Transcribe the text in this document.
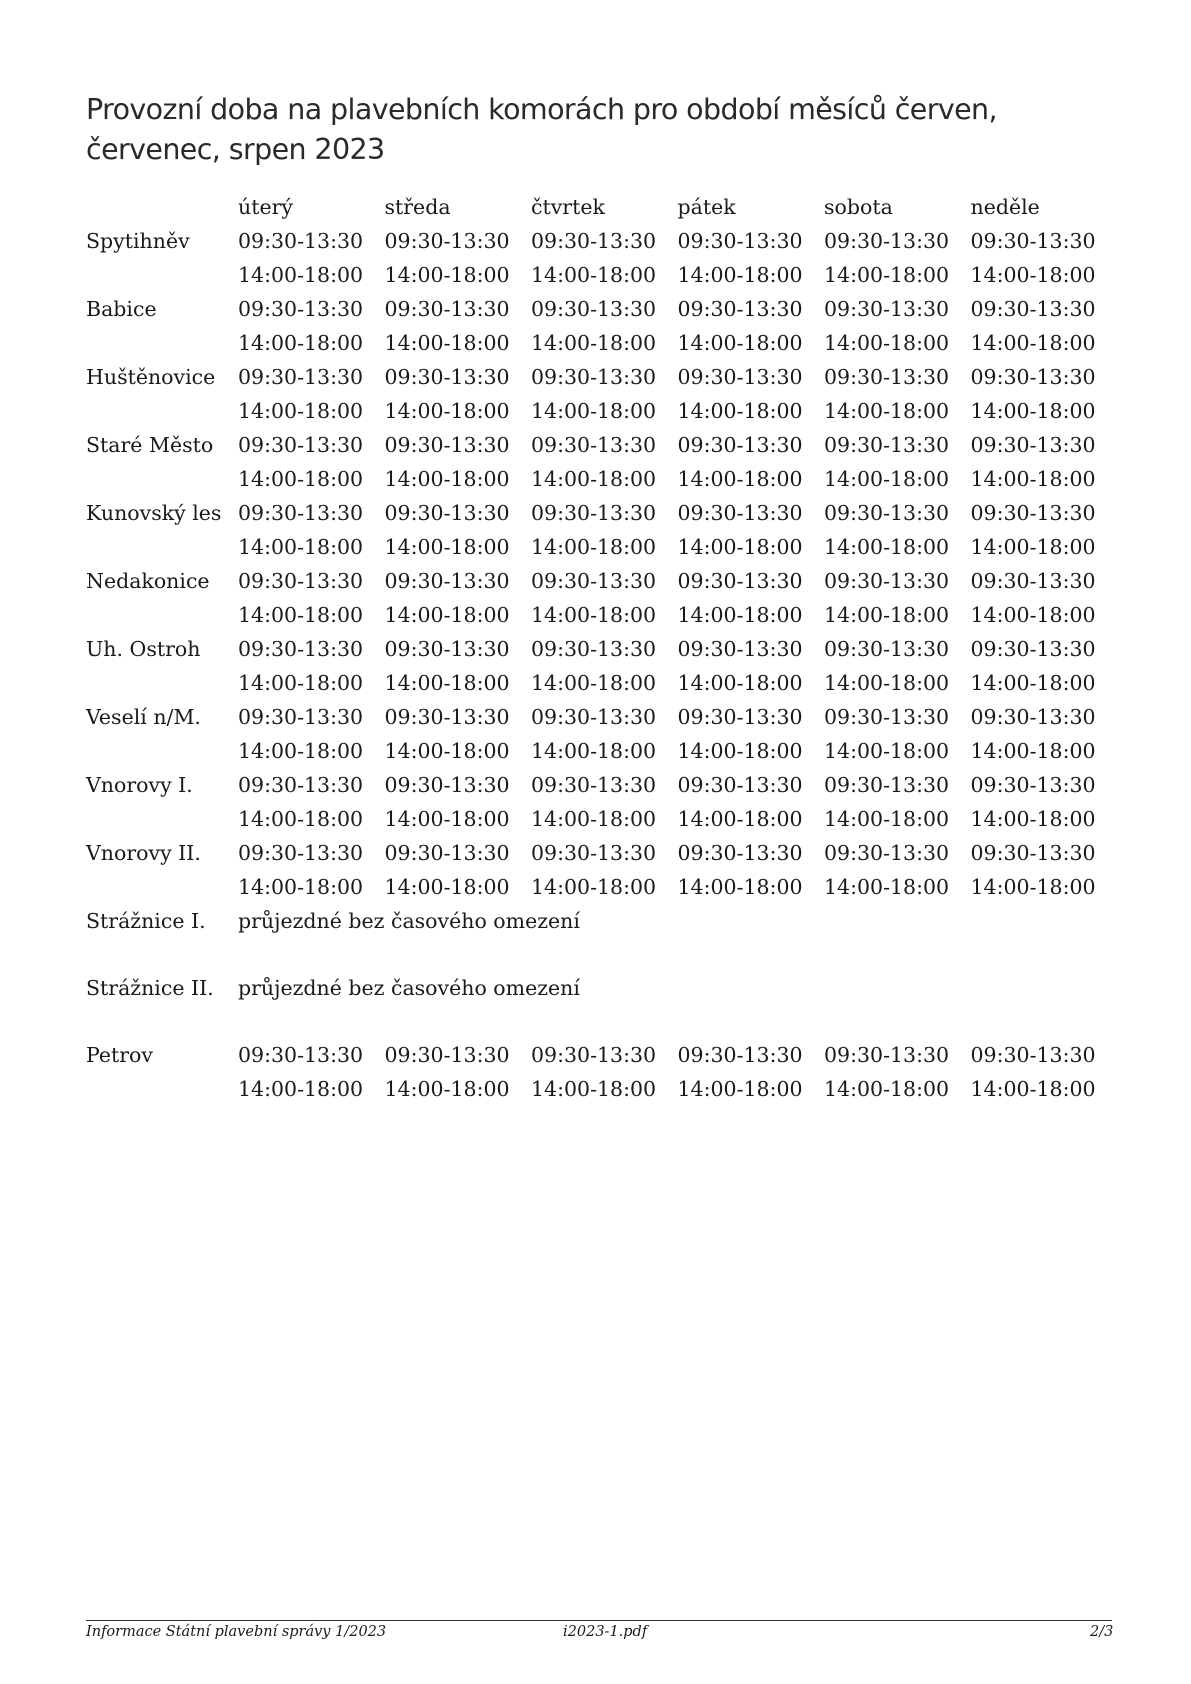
Provozní doba na plavebních komorách pro období měsíců červen, červenec, srpen 2023
	úterý	středa	čtvrtek	pátek	sobota	neděle
Spytihněv	09:30-13:30	09:30-13:30	09:30-13:30	09:30-13:30	09:30-13:30	09:30-13:30
	14:00-18:00	14:00-18:00	14:00-18:00	14:00-18:00	14:00-18:00	14:00-18:00
Babice	09:30-13:30	09:30-13:30	09:30-13:30	09:30-13:30	09:30-13:30	09:30-13:30
	14:00-18:00	14:00-18:00	14:00-18:00	14:00-18:00	14:00-18:00	14:00-18:00
Huštěnovice	09:30-13:30	09:30-13:30	09:30-13:30	09:30-13:30	09:30-13:30	09:30-13:30
	14:00-18:00	14:00-18:00	14:00-18:00	14:00-18:00	14:00-18:00	14:00-18:00
Staré Město	09:30-13:30	09:30-13:30	09:30-13:30	09:30-13:30	09:30-13:30	09:30-13:30
	14:00-18:00	14:00-18:00	14:00-18:00	14:00-18:00	14:00-18:00	14:00-18:00
Kunovský les	09:30-13:30	09:30-13:30	09:30-13:30	09:30-13:30	09:30-13:30	09:30-13:30
	14:00-18:00	14:00-18:00	14:00-18:00	14:00-18:00	14:00-18:00	14:00-18:00
Nedakonice	09:30-13:30	09:30-13:30	09:30-13:30	09:30-13:30	09:30-13:30	09:30-13:30
	14:00-18:00	14:00-18:00	14:00-18:00	14:00-18:00	14:00-18:00	14:00-18:00
Uh. Ostroh	09:30-13:30	09:30-13:30	09:30-13:30	09:30-13:30	09:30-13:30	09:30-13:30
	14:00-18:00	14:00-18:00	14:00-18:00	14:00-18:00	14:00-18:00	14:00-18:00
Veselí n/M.	09:30-13:30	09:30-13:30	09:30-13:30	09:30-13:30	09:30-13:30	09:30-13:30
	14:00-18:00	14:00-18:00	14:00-18:00	14:00-18:00	14:00-18:00	14:00-18:00
Vnorovy I.	09:30-13:30	09:30-13:30	09:30-13:30	09:30-13:30	09:30-13:30	09:30-13:30
	14:00-18:00	14:00-18:00	14:00-18:00	14:00-18:00	14:00-18:00	14:00-18:00
Vnorovy II.	09:30-13:30	09:30-13:30	09:30-13:30	09:30-13:30	09:30-13:30	09:30-13:30
	14:00-18:00	14:00-18:00	14:00-18:00	14:00-18:00	14:00-18:00	14:00-18:00
Strážnice I.	průjezdné bez časového omezení					

Strážnice II.	průjezdné bez časového omezení					

Petrov	09:30-13:30	09:30-13:30	09:30-13:30	09:30-13:30	09:30-13:30	09:30-13:30
	14:00-18:00	14:00-18:00	14:00-18:00	14:00-18:00	14:00-18:00	14:00-18:00
Informace Státní plavební správy 1/2023	i2023-1.pdf	2/3
